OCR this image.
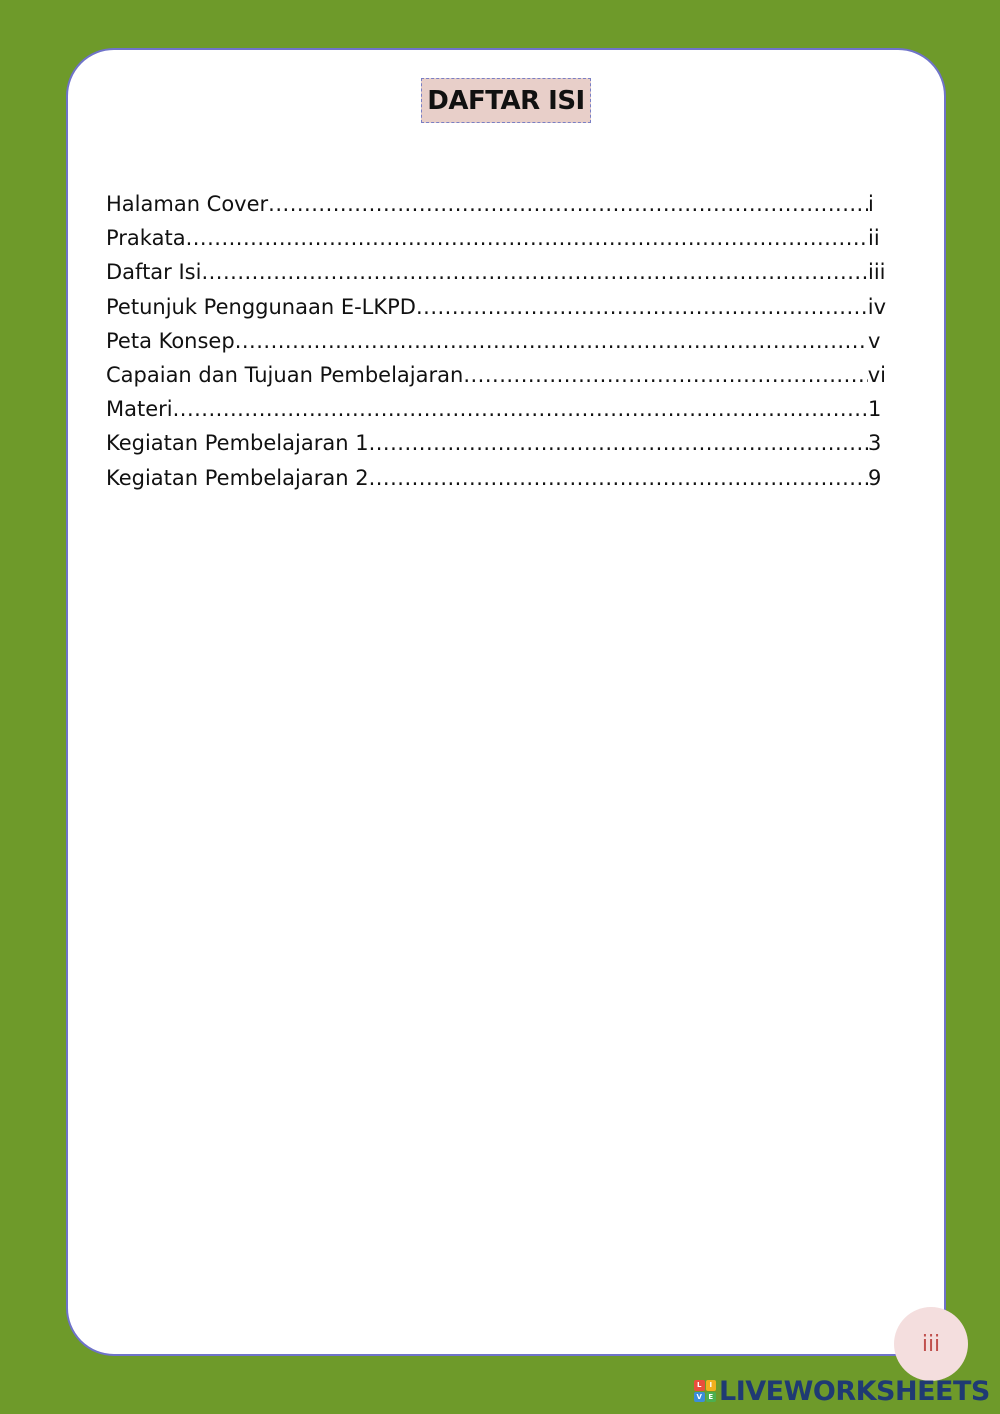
DAFTAR ISI
Halaman Cover .....	i
Prakata .....	ii
Daftar Isi .....	iii
Petunjuk Penggunaan E-LKPD .....	iv
Peta Konsep .....	v
Capaian dan Tujuan Pembelajaran .....	vi
Materi .....	1
Kegiatan Pembelajaran 1 .....	3
Kegiatan Pembelajaran 2 .....	9
iii
L	I
V E LIVEWORKSHEETS
